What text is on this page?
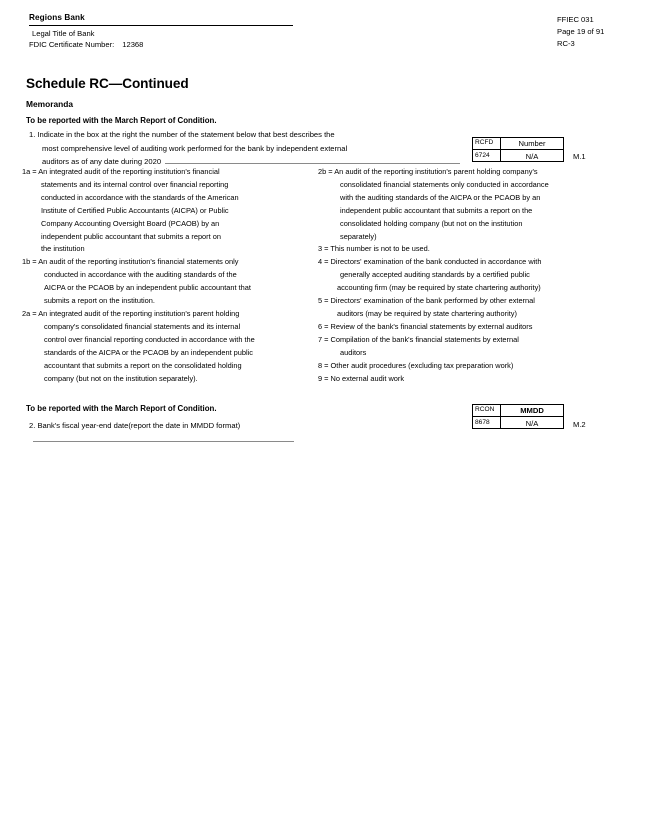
Regions Bank
Legal Title of Bank
FDIC Certificate Number: 12368
FFIEC 031
Page 19 of 91
RC-3
Schedule RC—Continued
Memoranda
To be reported with the March Report of Condition.
1. Indicate in the box at the right the number of the statement below that best describes the
most comprehensive level of auditing work performed for the bank by independent external
auditors as of any date during 2020
RCFD
6724
Number
N/A	M.1
1a = An integrated audit of the reporting institution's financial
statements and its internal control over financial reporting
conducted in accordance with the standards of the American
Institute of Certified Public Accountants (AICPA) or Public
Company Accounting Oversight Board (PCAOB) by an
independent public accountant that submits a report on
the institution
1b = An audit of the reporting institution's financial statements only
conducted in accordance with the auditing standards of the
AICPA or the PCAOB by an independent public accountant that
submits a report on the institution.
2a = An integrated audit of the reporting institution's parent holding
company's consolidated financial statements and its internal
control over financial reporting conducted in accordance with the
standards of the AICPA or the PCAOB by an independent public
accountant that submits a report on the consolidated holding
company (but not on the institution separately).
2b = An audit of the reporting institution's parent holding company's
consolidated financial statements only conducted in accordance
with the auditing standards of the AICPA or the PCAOB by an
independent public accountant that submits a report on the
consolidated holding company (but not on the institution
separately)
3 = This number is not to be used.
4 = Directors' examination of the bank conducted in accordance with
generally accepted auditing standards by a certified public
accounting firm (may be required by state chartering authority)
5 = Directors' examination of the bank performed by other external
auditors (may be required by state chartering authority)
6 = Review of the bank's financial statements by external auditors
7 = Compilation of the bank's financial statements by external
auditors
8 = Other audit procedures (excluding tax preparation work)
9 = No external audit work
To be reported with the March Report of Condition.
2. Bank's fiscal year-end date(report the date in MMDD format)
RCON
8678
MMDD
N/A	M.2
